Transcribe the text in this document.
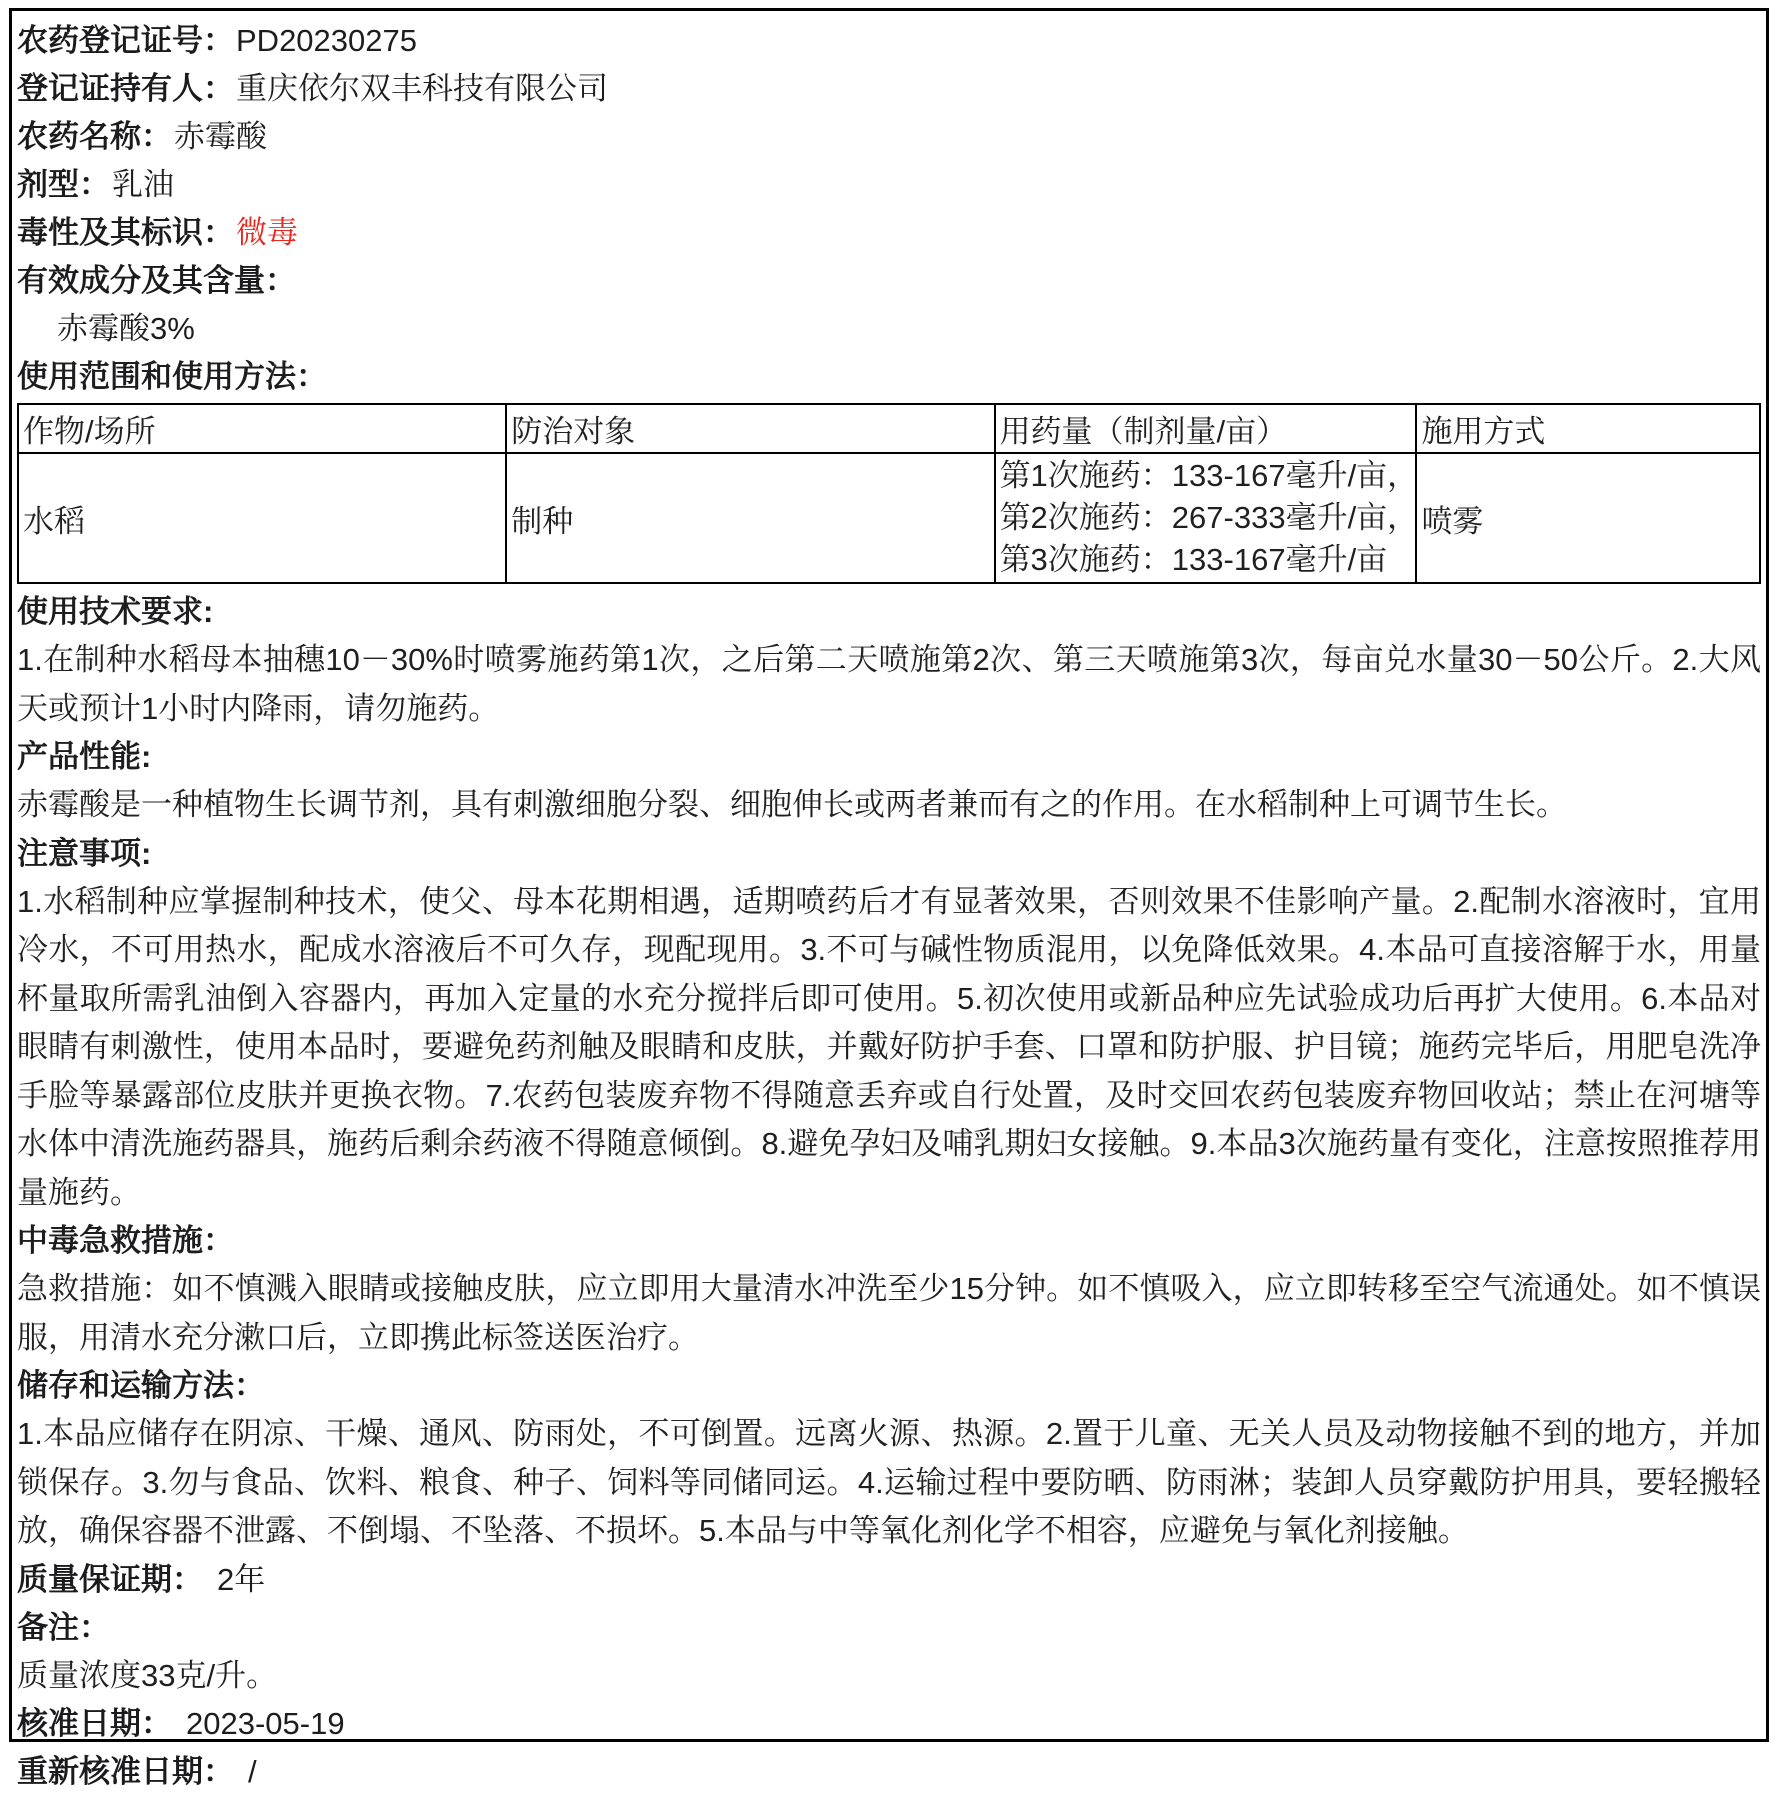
农药登记证号：PD20230275
登记证持有人：重庆依尔双丰科技有限公司
农药名称：赤霉酸
剂型：乳油
毒性及其标识：微毒
有效成分及其含量：
赤霉酸3%
使用范围和使用方法：
作物/场所	防治对象	用药量（制剂量/亩）	施用方式
水稻	制种	第1次施药：133-167毫升/亩，
第2次施药：267-333毫升/亩，
第3次施药：133-167毫升/亩	喷雾
使用技术要求:
1.在制种水稻母本抽穗10－30%时喷雾施药第1次，之后第二天喷施第2次、第三天喷施第3次，每亩兑水量30－50公斤。2.大风天或预计1小时内降雨，请勿施药。
产品性能:
赤霉酸是一种植物生长调节剂，具有刺激细胞分裂、细胞伸长或两者兼而有之的作用。在水稻制种上可调节生长。
注意事项:
1.水稻制种应掌握制种技术，使父、母本花期相遇，适期喷药后才有显著效果，否则效果不佳影响产量。2.配制水溶液时，宜用冷水，不可用热水，配成水溶液后不可久存，现配现用。3.不可与碱性物质混用，以免降低效果。4.本品可直接溶解于水，用量杯量取所需乳油倒入容器内，再加入定量的水充分搅拌后即可使用。5.初次使用或新品种应先试验成功后再扩大使用。6.本品对眼睛有刺激性，使用本品时，要避免药剂触及眼睛和皮肤，并戴好防护手套、口罩和防护服、护目镜；施药完毕后，用肥皂洗净手脸等暴露部位皮肤并更换衣物。7.农药包装废弃物不得随意丢弃或自行处置，及时交回农药包装废弃物回收站；禁止在河塘等水体中清洗施药器具，施药后剩余药液不得随意倾倒。8.避免孕妇及哺乳期妇女接触。9.本品3次施药量有变化，注意按照推荐用量施药。
中毒急救措施：
急救措施：如不慎溅入眼睛或接触皮肤，应立即用大量清水冲洗至少15分钟。如不慎吸入，应立即转移至空气流通处。如不慎误服，用清水充分漱口后，立即携此标签送医治疗。
储存和运输方法：
1.本品应储存在阴凉、干燥、通风、防雨处，不可倒置。远离火源、热源。2.置于儿童、无关人员及动物接触不到的地方，并加锁保存。3.勿与食品、饮料、粮食、种子、饲料等同储同运。4.运输过程中要防晒、防雨淋；装卸人员穿戴防护用具，要轻搬轻放，确保容器不泄露、不倒塌、不坠落、不损坏。5.本品与中等氧化剂化学不相容，应避免与氧化剂接触。
质量保证期： 2年
备注：
质量浓度33克/升。
核准日期： 2023-05-19
重新核准日期： /
